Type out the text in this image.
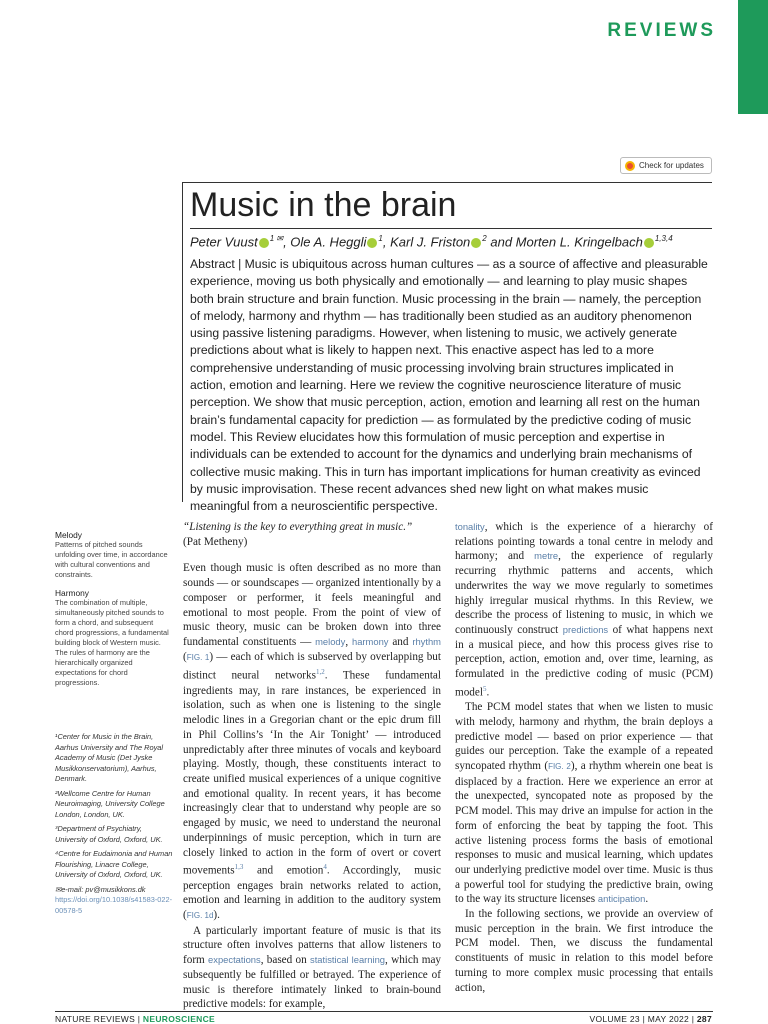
REVIEWS
Check for updates
Music in the brain
Peter Vuust $^{1 ✉}$, Ole A. Heggli $^1$, Karl J. Friston $^2$ and Morten L. Kringelbach $^{1,3,4}$
Abstract | Music is ubiquitous across human cultures — as a source of affective and pleasurable experience, moving us both physically and emotionally — and learning to play music shapes both brain structure and brain function. Music processing in the brain — namely, the perception of melody, harmony and rhythm — has traditionally been studied as an auditory phenomenon using passive listening paradigms. However, when listening to music, we actively generate predictions about what is likely to happen next. This enactive aspect has led to a more comprehensive understanding of music processing involving brain structures implicated in action, emotion and learning. Here we review the cognitive neuroscience literature of music perception. We show that music perception, action, emotion and learning all rest on the human brain’s fundamental capacity for prediction — as formulated by the predictive coding of music model. This Review elucidates how this formulation of music perception and expertise in individuals can be extended to account for the dynamics and underlying brain mechanisms of collective music making. This in turn has important implications for human creativity as evinced by music improvisation. These recent advances shed new light on what makes music meaningful from a neuroscientific perspective.
Melody
Patterns of pitched sounds unfolding over time, in accordance with cultural conventions and constraints.
Harmony
The combination of multiple, simultaneously pitched sounds to form a chord, and subsequent chord progressions, a fundamental building block of Western music. The rules of harmony are the hierarchically organized expectations for chord progressions.

¹Center for Music in the Brain, Aarhus University and The Royal Academy of Music (Det Jyske Musikkonservatorium), Aarhus, Denmark.

²Wellcome Centre for Human Neuroimaging, University College London, London, UK.

³Department of Psychiatry, University of Oxford, Oxford, UK.

⁴Centre for Eudaimonia and Human Flourishing, Linacre College, University of Oxford, Oxford, UK.

✉e-mail: pv@musikkons.dk

https://doi.org/10.1038/s41583-022-00578-5

“Listening is the key to everything great in music.”

(Pat Metheny)

Even though music is often described as no more than sounds — or soundscapes — organized intentionally by a composer or performer, it feels meaningful and emotional to most people. From the point of view of music theory, music can be broken down into three fundamental constituents — melody, harmony and rhythm (FIG. 1) — each of which is subserved by overlapping but distinct neural networks$^{1,2}$. These fundamental ingredients may, in rare instances, be experienced in isolation, such as when one is listening to the single melodic lines in a Gregorian chant or the epic drum fill in Phil Collins’s ‘In the Air Tonight’ — introduced unpredictably after three minutes of vocals and keyboard playing. Mostly, though, these constituents interact to create unified musical experiences of a unique cognitive and emotional quality. In recent years, it has become increasingly clear that to understand why people are so engaged by music, we need to understand the neuronal underpinnings of music perception, which in turn are closely linked to action in the form of overt or covert movements$^{1,3}$ and emotion$^4$. Accordingly, music perception engages brain networks related to action, emotion and learning in addition to the auditory system (FIG. 1d).

A particularly important feature of music is that its structure often involves patterns that allow listeners to form expectations, based on statistical learning, which may subsequently be fulfilled or betrayed. The experience of music is therefore intimately linked to brain-bound predictive models: for example,

tonality, which is the experience of a hierarchy of relations pointing towards a tonal centre in melody and harmony; and metre, the experience of regularly recurring rhythmic patterns and accents, which underwrites the way we move regularly to sometimes highly irregular musical rhythms. In this Review, we describe the process of listening to music, in which we continuously construct predictions of what happens next in a musical piece, and how this process gives rise to perception, action, emotion and, over time, learning, as formulated in the predictive coding of music (PCM) model$^5$.

The PCM model states that when we listen to music with melody, harmony and rhythm, the brain deploys a predictive model — based on prior experience — that guides our perception. Take the example of a repeated syncopated rhythm (FIG. 2), a rhythm wherein one beat is displaced by a fraction. Here we experience an error at the unexpected, syncopated note as proposed by the PCM model. This may drive an impulse for action in the form of enforcing the beat by tapping the foot. This active listening process forms the basis of emotional responses to music and musical learning, which updates our underlying predictive model over time. Music is thus a powerful tool for studying the predictive brain, owing to the way its structure licenses anticipation.

In the following sections, we provide an overview of music perception in the brain. We first introduce the PCM model. Then, we discuss the fundamental constituents of music in relation to this model before turning to more complex music processing that entails action,

NATURE REVIEWS | NEUROSCIENCE	VOLUME 23 | MAY 2022 | 287
